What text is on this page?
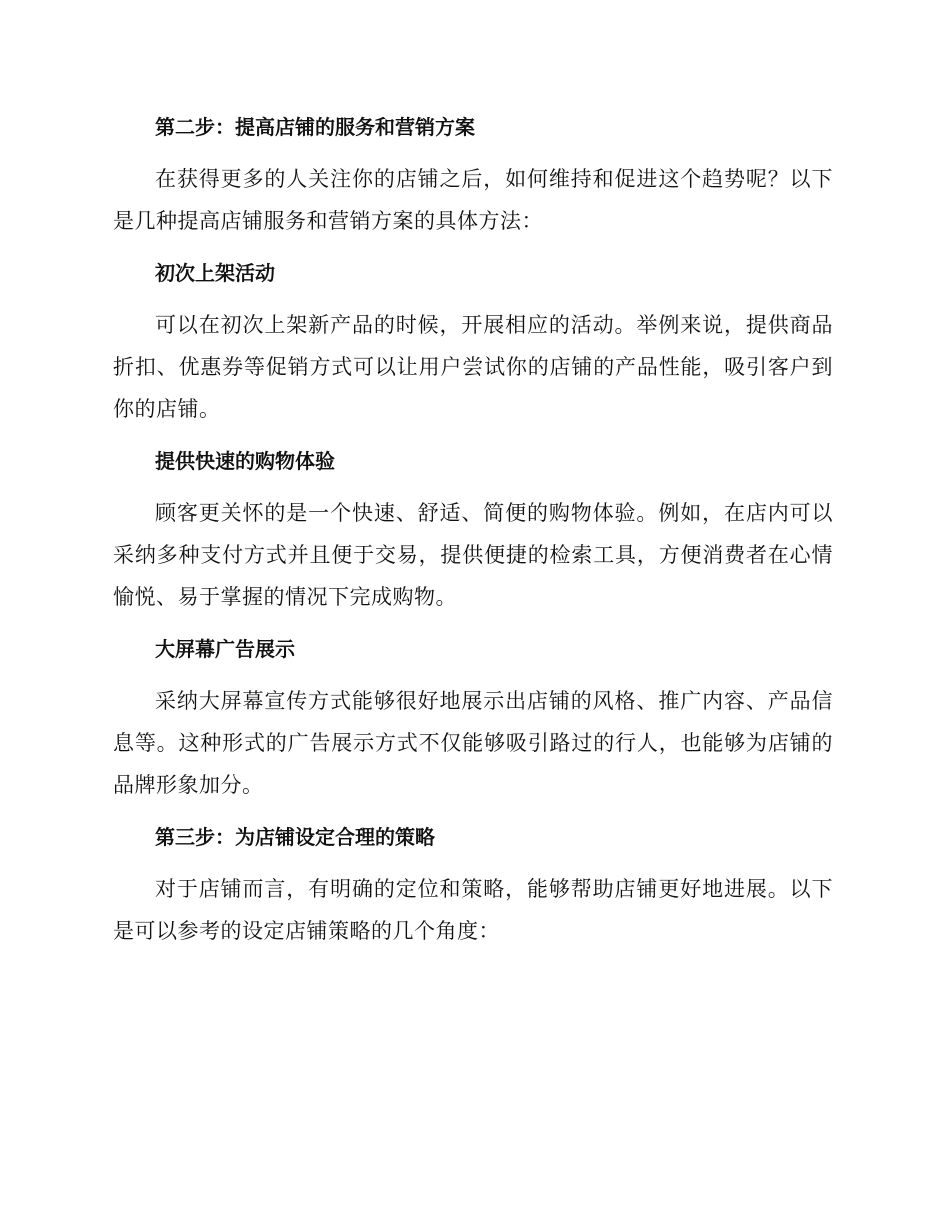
第二步：提高店铺的服务和营销方案

在获得更多的人关注你的店铺之后，如何维持和促进这个趋势呢？以下是几种提高店铺服务和营销方案的具体方法：

初次上架活动

可以在初次上架新产品的时候，开展相应的活动。举例来说，提供商品折扣、优惠券等促销方式可以让用户尝试你的店铺的产品性能，吸引客户到你的店铺。

提供快速的购物体验

顾客更关怀的是一个快速、舒适、简便的购物体验。例如，在店内可以采纳多种支付方式并且便于交易，提供便捷的检索工具，方便消费者在心情愉悦、易于掌握的情况下完成购物。

大屏幕广告展示

采纳大屏幕宣传方式能够很好地展示出店铺的风格、推广内容、产品信息等。这种形式的广告展示方式不仅能够吸引路过的行人，也能够为店铺的品牌形象加分。

第三步：为店铺设定合理的策略

对于店铺而言，有明确的定位和策略，能够帮助店铺更好地进展。以下是可以参考的设定店铺策略的几个角度：
